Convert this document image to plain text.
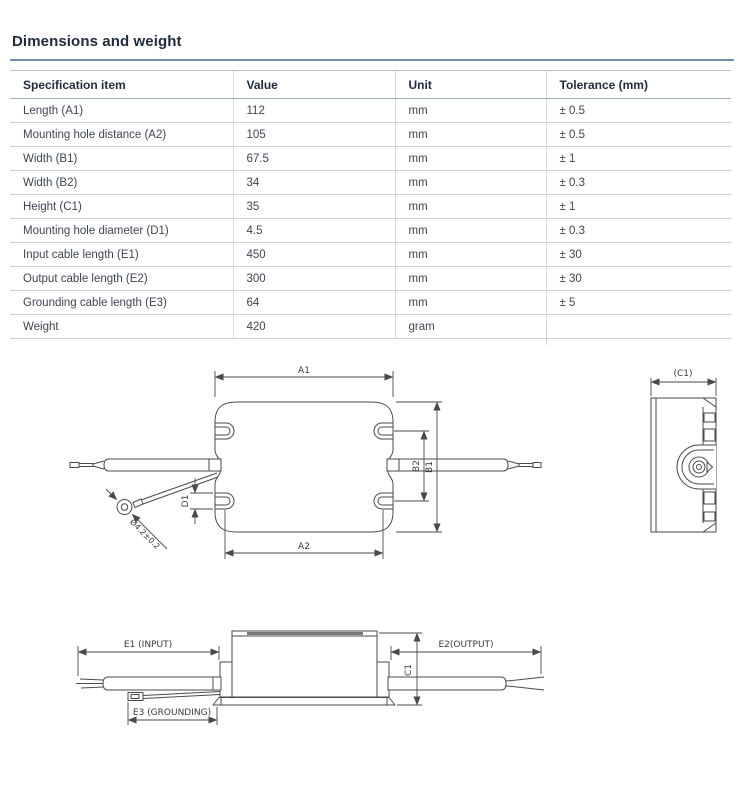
Dimensions and weight
Specification item	Value	Unit	Tolerance (mm)
Length (A1)	112	mm	± 0.5
Mounting hole distance (A2)	105	mm	± 0.5
Width (B1)	67.5	mm	± 1
Width (B2)	34	mm	± 0.3
Height (C1)	35	mm	± 1
Mounting hole diameter (D1)	4.5	mm	± 0.3
Input cable length (E1)	450	mm	± 30
Output cable length (E2)	300	mm	± 30
Grounding cable length (E3)	64	mm	± 5
Weight	420	gram	
Ø4.2±0.2
A1
A2
B1
B2
D1
(C1)
E1 (INPUT)
E3 (GROUNDING)
E2(OUTPUT)
C1
